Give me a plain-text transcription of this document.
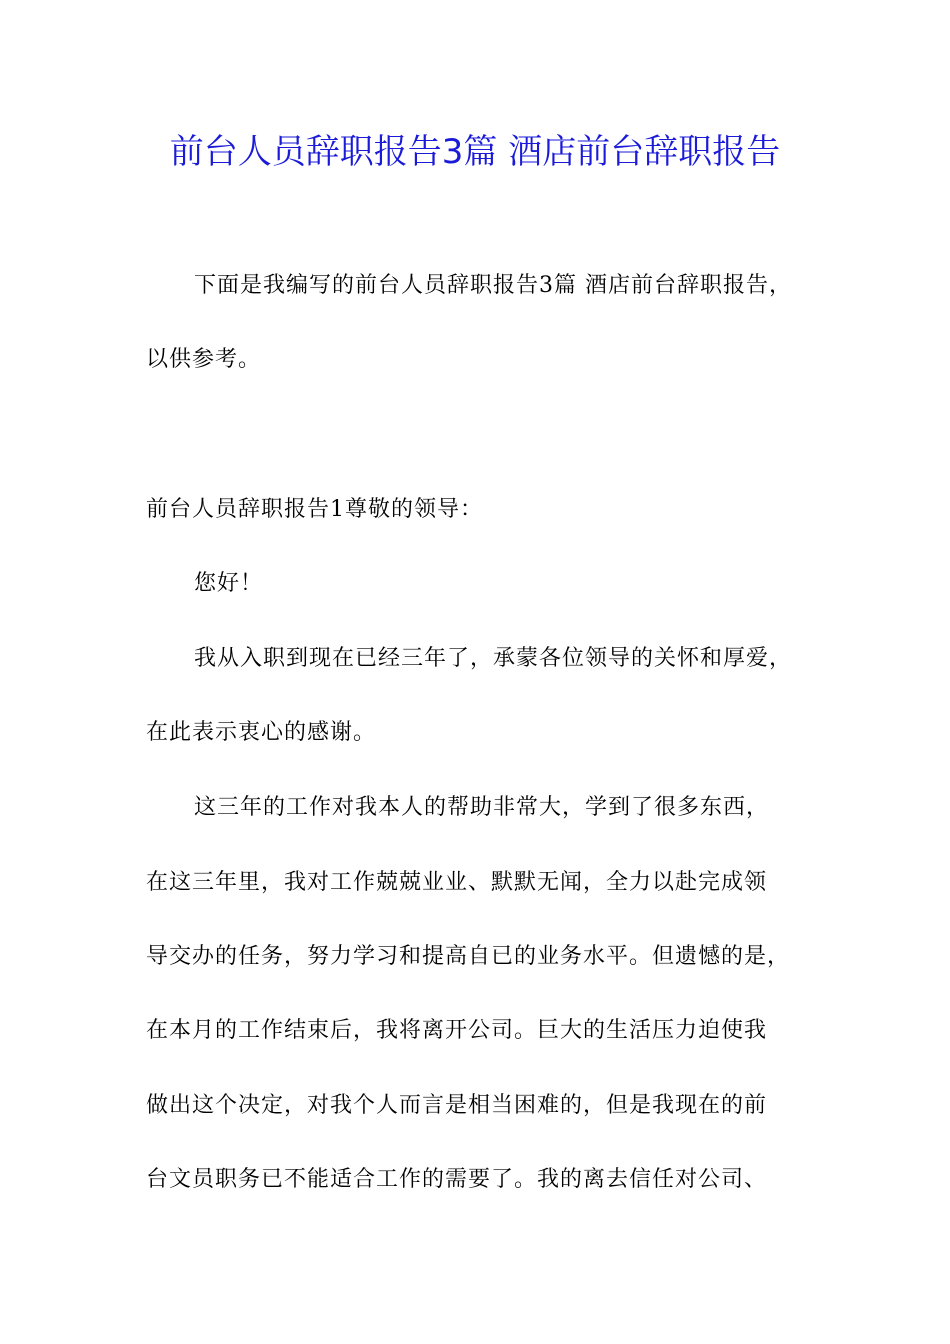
前台人员辞职报告3篇 酒店前台辞职报告
下面是我编写的前台人员辞职报告3篇 酒店前台辞职报告，
以供参考。
前台人员辞职报告1尊敬的领导：
您好！
我从入职到现在已经三年了，承蒙各位领导的关怀和厚爱，
在此表示衷心的感谢。
这三年的工作对我本人的帮助非常大，学到了很多东西，
在这三年里，我对工作兢兢业业、默默无闻，全力以赴完成领
导交办的任务，努力学习和提高自已的业务水平。但遗憾的是，
在本月的工作结束后，我将离开公司。巨大的生活压力迫使我
做出这个决定，对我个人而言是相当困难的，但是我现在的前
台文员职务已不能适合工作的需要了。我的离去信任对公司、
